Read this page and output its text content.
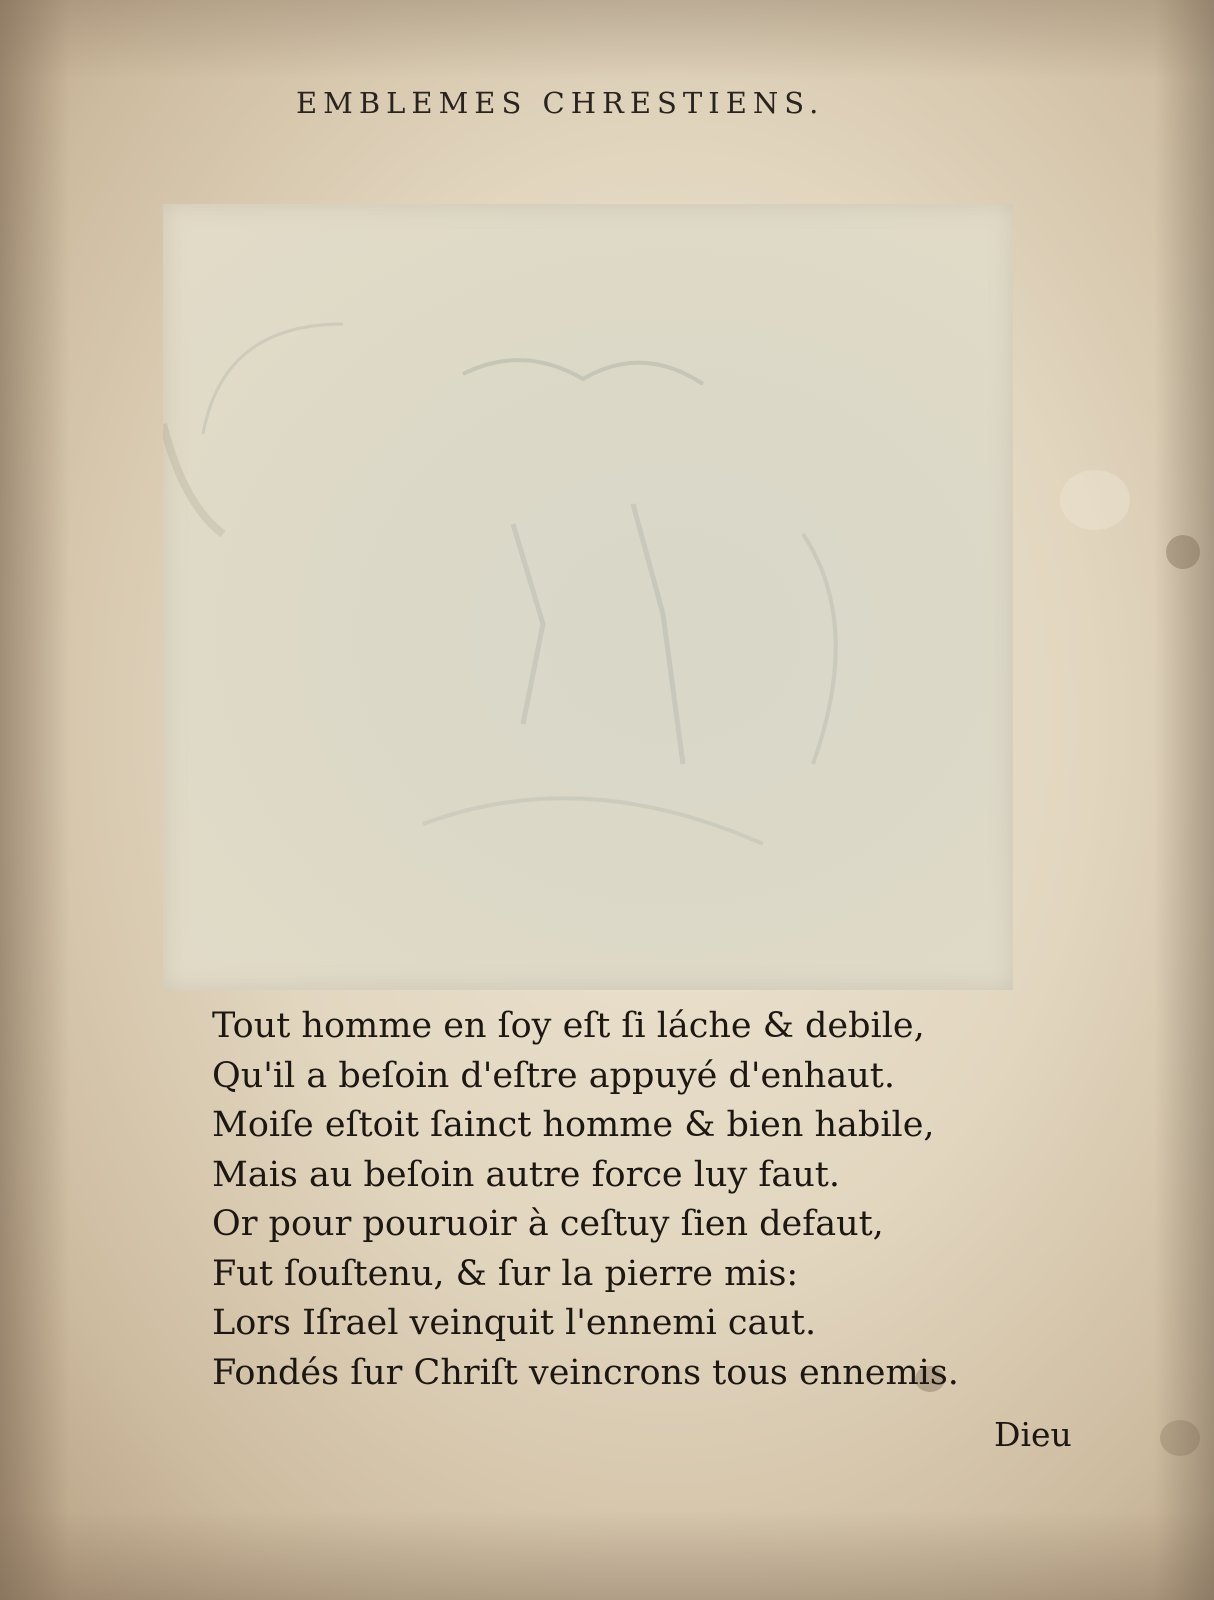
EMBLEMES CHRESTIENS.
Tout homme en ſoy eſt ſi láche & debile,
Qu'il a beſoin d'eſtre appuyé d'enhaut.
Moiſe eſtoit ſainct homme & bien habile,
Mais au beſoin autre force luy faut.
Or pour pouruoir à ceſtuy ſien defaut,
Fut ſouſtenu, & ſur la pierre mis:
Lors Iſrael veinquit l'ennemi caut.
Fondés ſur Chriſt veincrons tous ennemis.
Dieu
